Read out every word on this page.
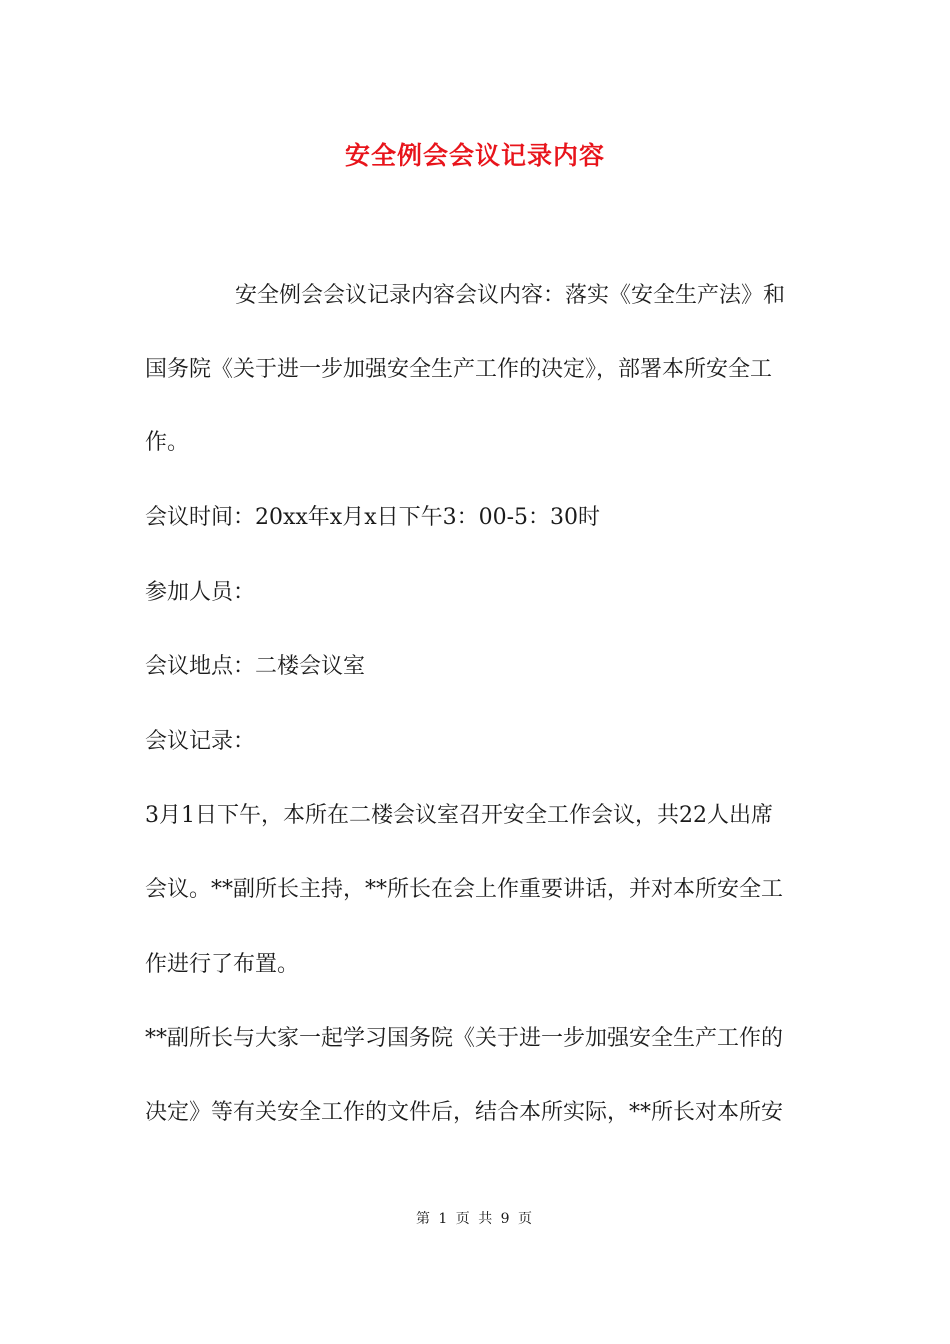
安全例会会议记录内容
安全例会会议记录内容会议内容：落实《安全生产法》和
国务院《关于进一步加强安全生产工作的决定》，部署本所安全工
作。
会议时间：20xx年x月x日下午3：00-5：30时
参加人员：
会议地点：二楼会议室
会议记录：
3月1日下午，本所在二楼会议室召开安全工作会议，共22人出席
会议。**副所长主持，**所长在会上作重要讲话，并对本所安全工
作进行了布置。
**副所长与大家一起学习国务院《关于进一步加强安全生产工作的
决定》等有关安全工作的文件后，结合本所实际，**所长对本所安
第 1 页 共 9 页
